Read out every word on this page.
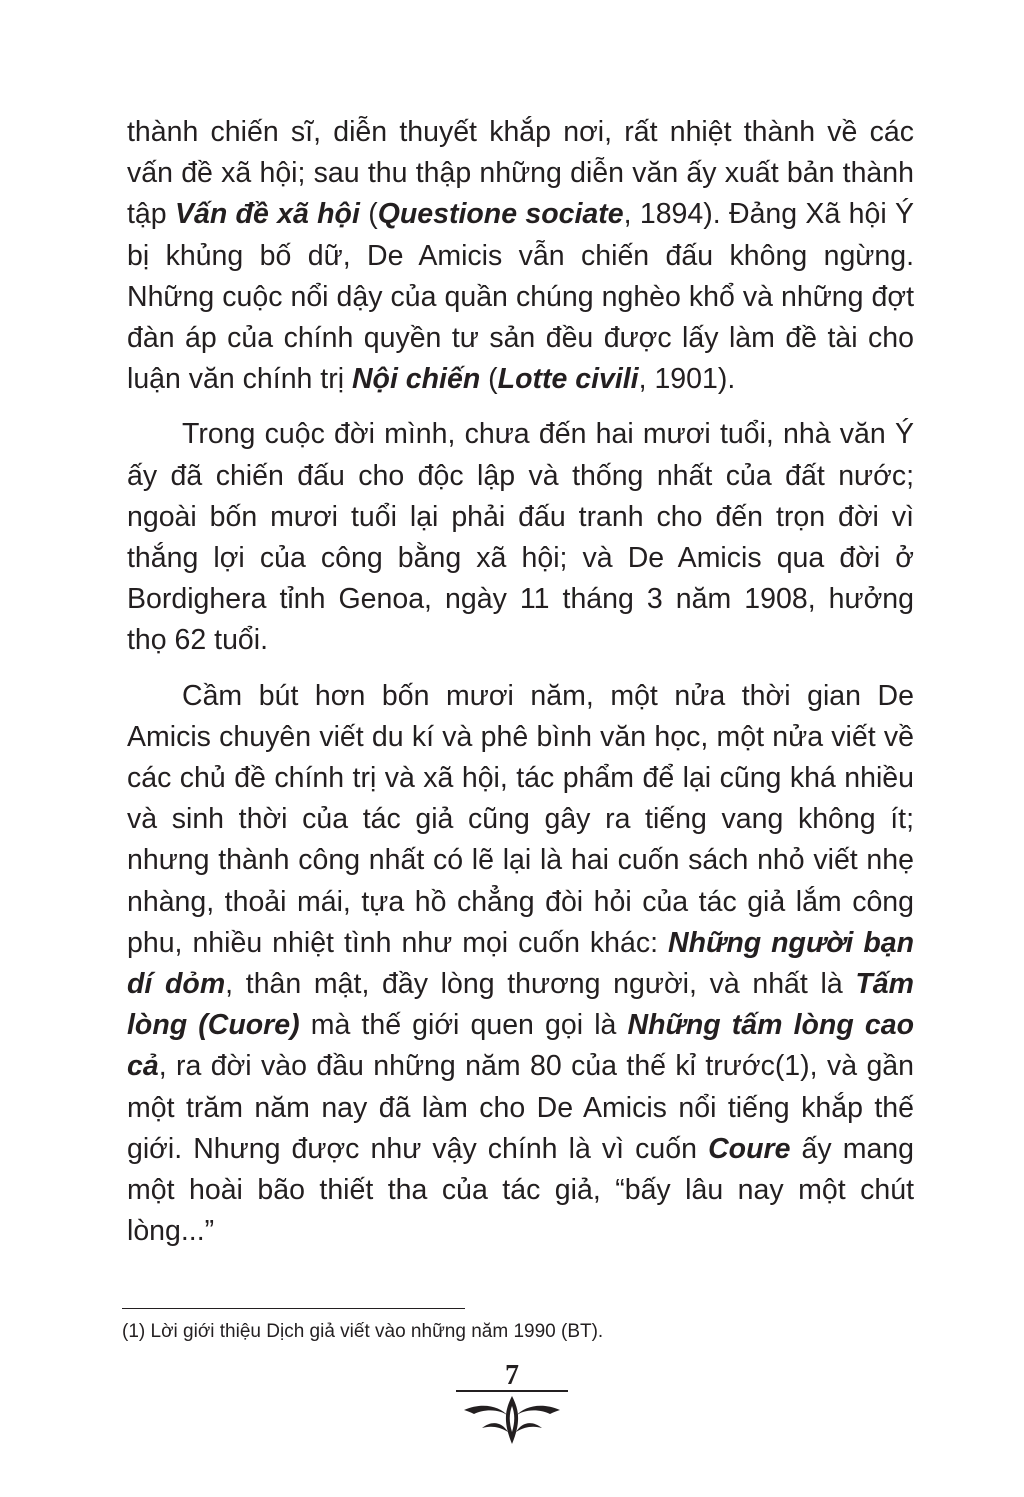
thành chiến sĩ, diễn thuyết khắp nơi, rất nhiệt thành về các vấn đề xã hội; sau thu thập những diễn văn ấy xuất bản thành tập Vấn đề xã hội (Questione sociate, 1894). Đảng Xã hội Ý bị khủng bố dữ, De Amicis vẫn chiến đấu không ngừng. Những cuộc nổi dậy của quần chúng nghèo khổ và những đợt đàn áp của chính quyền tư sản đều được lấy làm đề tài cho luận văn chính trị Nội chiến (Lotte civili, 1901).

Trong cuộc đời mình, chưa đến hai mươi tuổi, nhà văn Ý ấy đã chiến đấu cho độc lập và thống nhất của đất nước; ngoài bốn mươi tuổi lại phải đấu tranh cho đến trọn đời vì thắng lợi của công bằng xã hội; và De Amicis qua đời ở Bordighera tỉnh Genoa, ngày 11 tháng 3 năm 1908, hưởng thọ 62 tuổi.

Cầm bút hơn bốn mươi năm, một nửa thời gian De Amicis chuyên viết du kí và phê bình văn học, một nửa viết về các chủ đề chính trị và xã hội, tác phẩm để lại cũng khá nhiều và sinh thời của tác giả cũng gây ra tiếng vang không ít; nhưng thành công nhất có lẽ lại là hai cuốn sách nhỏ viết nhẹ nhàng, thoải mái, tựa hồ chẳng đòi hỏi của tác giả lắm công phu, nhiều nhiệt tình như mọi cuốn khác: Những người bạn dí dỏm, thân mật, đầy lòng thương người, và nhất là Tấm lòng (Cuore) mà thế giới quen gọi là Những tấm lòng cao cả, ra đời vào đầu những năm 80 của thế kỉ trước(1), và gần một trăm năm nay đã làm cho De Amicis nổi tiếng khắp thế giới. Nhưng được như vậy chính là vì cuốn Coure ấy mang một hoài bão thiết tha của tác giả, “bấy lâu nay một chút lòng...”

(1) Lời giới thiệu Dịch giả viết vào những năm 1990 (BT).
7
